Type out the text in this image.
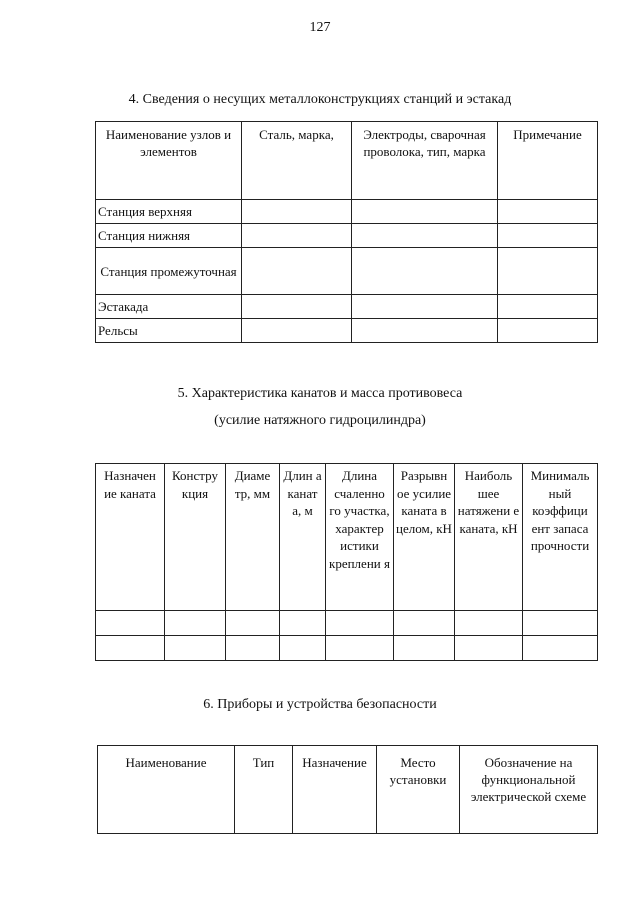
127
4. Сведения о несущих металлоконструкциях станций и эстакад
Наименование узлов и элементов	Сталь, марка,	Электроды, сварочная проволока, тип, марка	Примечание
Станция верхняя			
Станция нижняя			
Станция промежуточная			
Эстакада			
Рельсы			
5. Характеристика канатов и масса противовеса
(усилие натяжного гидроцилиндра)
Назначен ие каната	Констру кция	Диаме тр, мм	Длин а канат а, м	Длина счаленно го участка, характер истики креплени я	Разрывн ое усилие каната в целом, кН	Наиболь шее натяжени е каната, кН	Минималь ный коэффици ент запаса прочности

6. Приборы и устройства безопасности
Наименование	Тип	Назначение	Место установки	Обозначение на функциональной электрической схеме
